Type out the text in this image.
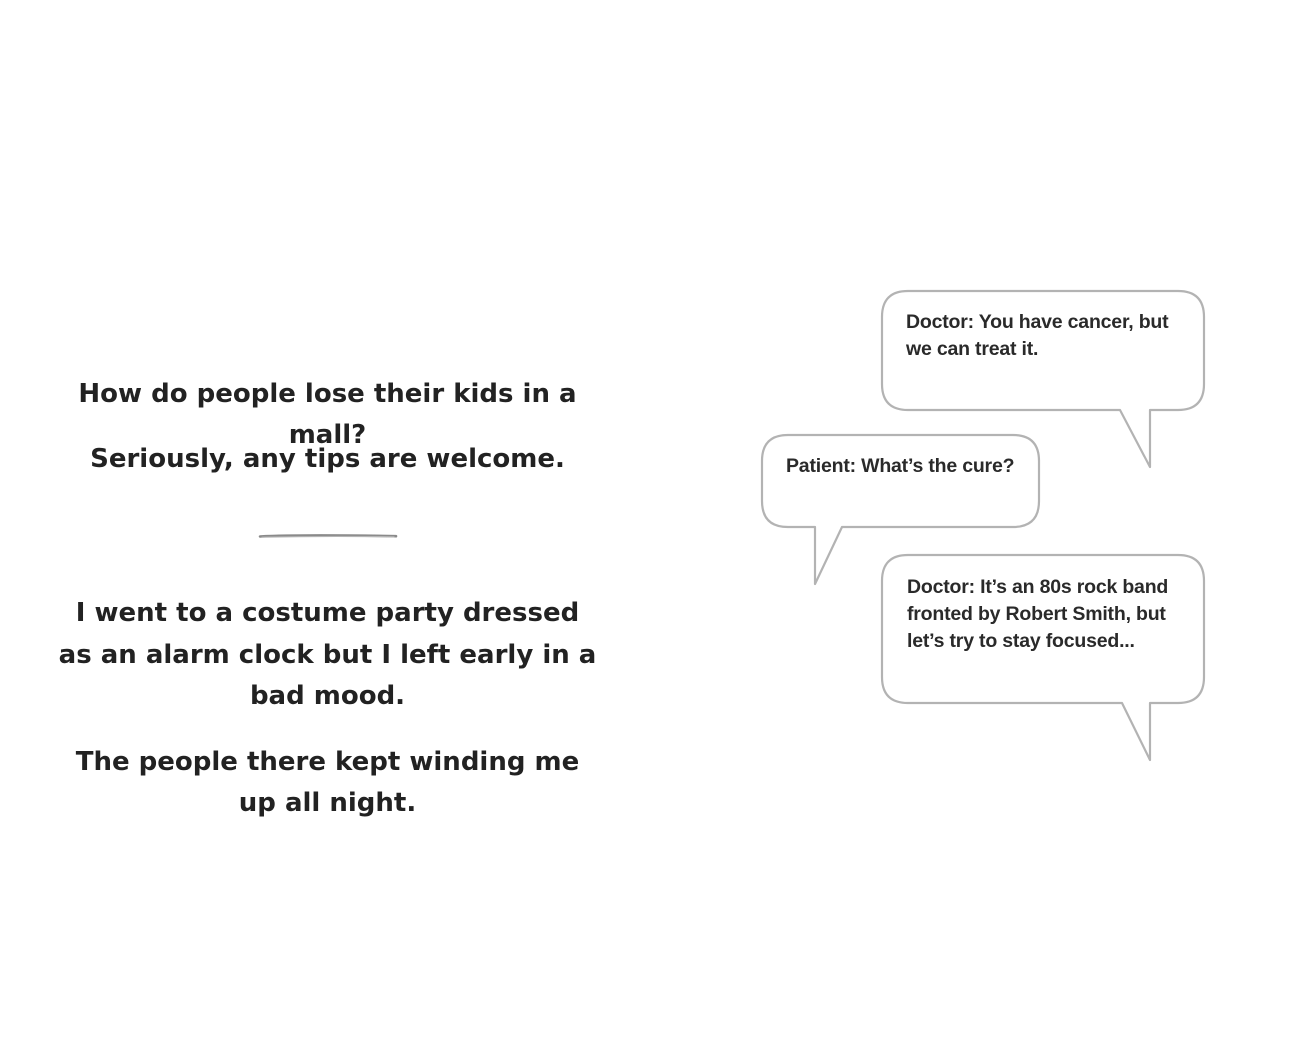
How do people lose their kids in a mall?

Seriously, any tips are welcome.

I went to a costume party dressed

as an alarm clock but I left early in a

bad mood.

The people there kept winding me

up all night.

Doctor: You have cancer, but

we can treat it.

Patient: What’s the cure?

Doctor: It’s an 80s rock band

fronted by Robert Smith, but

let’s try to stay focused...
